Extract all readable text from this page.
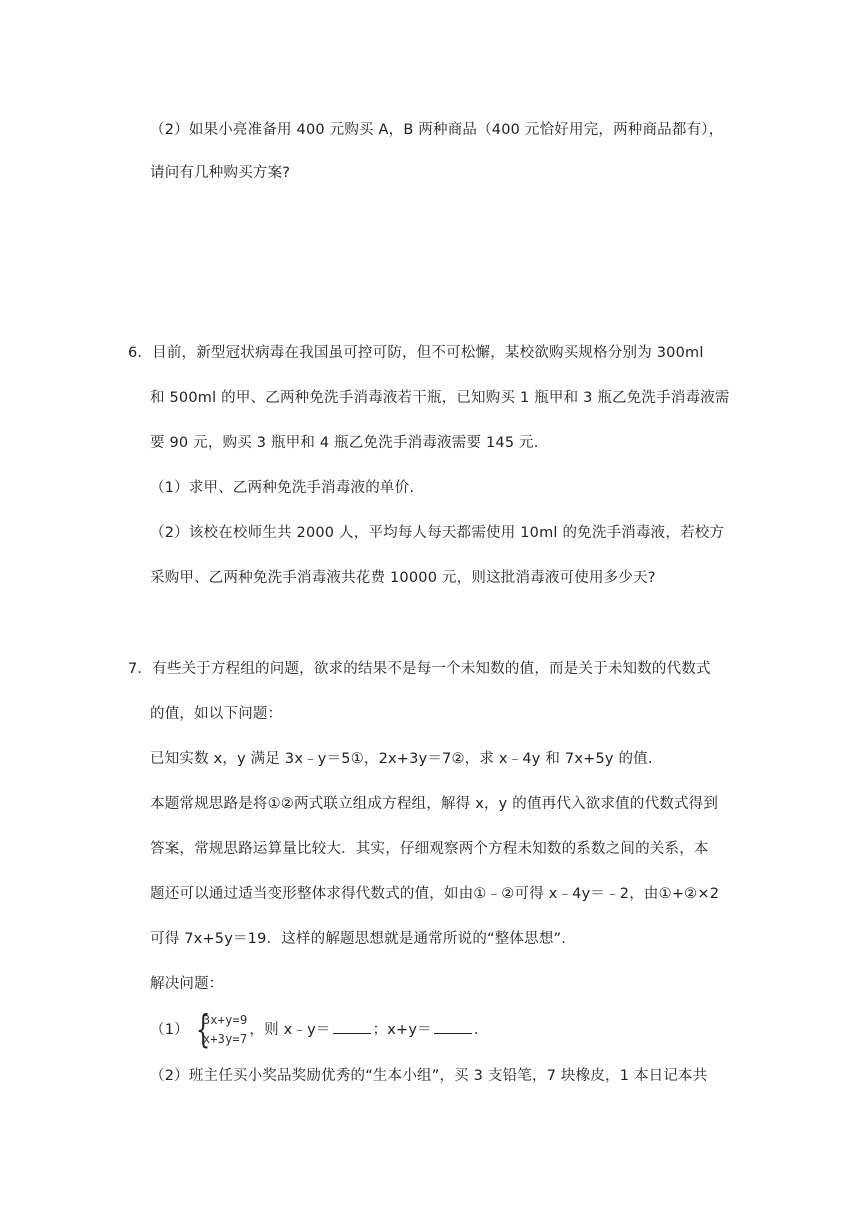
（2）如果小亮准备用 400 元购买 A，B 两种商品（400 元恰好用完，两种商品都有），
请问有几种购买方案?
6．目前，新型冠状病毒在我国虽可控可防，但不可松懈，某校欲购买规格分别为 300ml
和 500ml 的甲、乙两种免洗手消毒液若干瓶，已知购买 1 瓶甲和 3 瓶乙免洗手消毒液需
要 90 元，购买 3 瓶甲和 4 瓶乙免洗手消毒液需要 145 元.
（1）求甲、乙两种免洗手消毒液的单价.
（2）该校在校师生共 2000 人，平均每人每天都需使用 10ml 的免洗手消毒液，若校方
采购甲、乙两种免洗手消毒液共花费 10000 元，则这批消毒液可使用多少天?
7．有些关于方程组的问题，欲求的结果不是每一个未知数的值，而是关于未知数的代数式
的值，如以下问题：
已知实数 x，y 满足 3x﹣y＝5①，2x+3y＝7②，求 x﹣4y 和 7x+5y 的值.
本题常规思路是将①②两式联立组成方程组，解得 x，y 的值再代入欲求值的代数式得到
答案，常规思路运算量比较大．其实，仔细观察两个方程未知数的系数之间的关系，本
题还可以通过适当变形整体求得代数式的值，如由①﹣②可得 x﹣4y＝﹣2，由①+②×2
可得 7x+5y＝19．这样的解题思想就是通常所说的“整体思想”.
解决问题：
（1） {
3x+y=9
x+3y=7
，则 x﹣y＝	；x+y＝	.
（2）班主任买小奖品奖励优秀的“生本小组”，买 3 支铅笔，7 块橡皮，1 本日记本共
